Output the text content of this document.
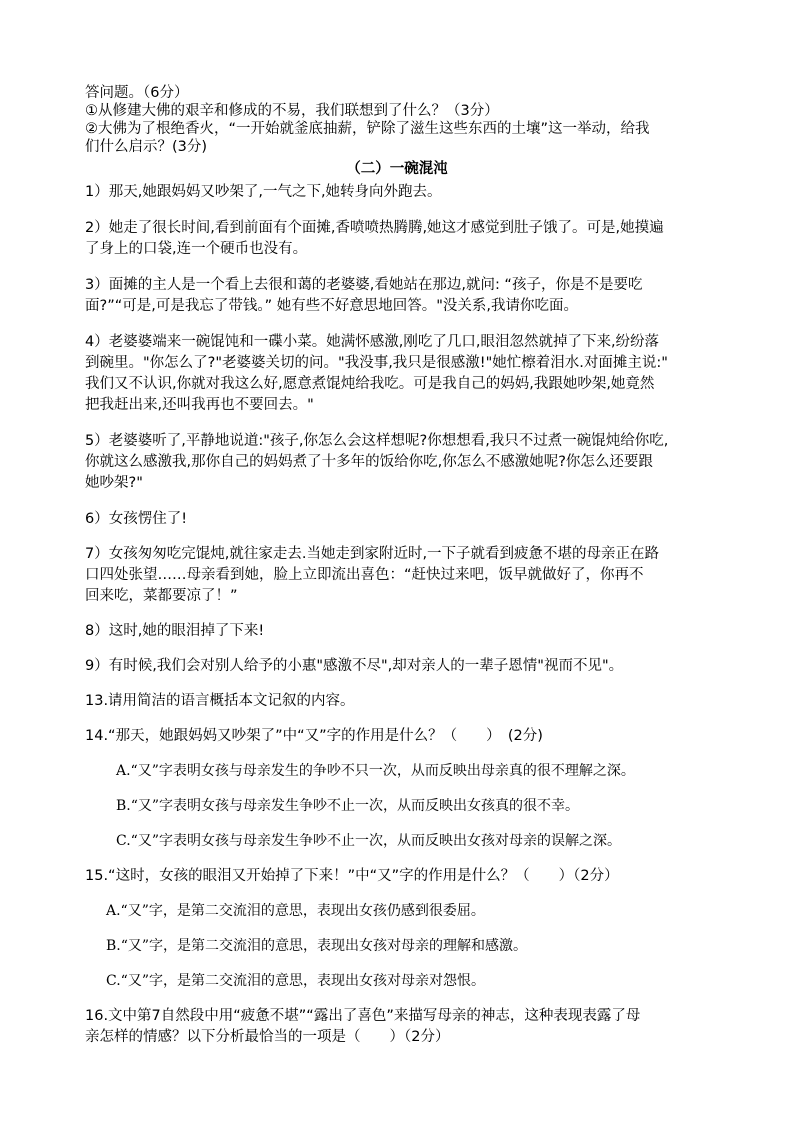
答问题。（6分）
①从修建大佛的艰辛和修成的不易，我们联想到了什么？（3分）
②大佛为了根绝香火，“一开始就釜底抽薪，铲除了滋生这些东西的土壤”这一举动，给我
们什么启示？(3分)
（二）一碗混沌
1）那天,她跟妈妈又吵架了,一气之下,她转身向外跑去。
2）她走了很长时间,看到前面有个面摊,香喷喷热腾腾,她这才感觉到肚子饿了。可是,她摸遍
了身上的口袋,连一个硬币也没有。
3）面摊的主人是一个看上去很和蔼的老婆婆,看她站在那边,就问: “孩子，你是不是要吃
面?”“可是,可是我忘了带钱。” 她有些不好意思地回答。"没关系,我请你吃面。
4）老婆婆端来一碗馄饨和一碟小菜。她满怀感激,刚吃了几口,眼泪忽然就掉了下来,纷纷落
到碗里。"你怎么了?"老婆婆关切的问。"我没事,我只是很感激!"她忙檫着泪水.对面摊主说:"
我们又不认识,你就对我这么好,愿意煮馄炖给我吃。可是我自己的妈妈,我跟她吵架,她竟然
把我赶出来,还叫我再也不要回去。"
5）老婆婆听了,平静地说道:"孩子,你怎么会这样想呢?你想想看,我只不过煮一碗馄炖给你吃,
你就这么感激我,那你自己的妈妈煮了十多年的饭给你吃,你怎么不感激她呢?你怎么还要跟
她吵架?"
6）女孩愣住了!
7）女孩匆匆吃完馄炖,就往家走去.当她走到家附近时,一下子就看到疲惫不堪的母亲正在路
口四处张望……母亲看到她，脸上立即流出喜色：“赶快过来吧，饭早就做好了，你再不
回来吃，菜都要凉了！”
8）这时,她的眼泪掉了下来!
9）有时候,我们会对别人给予的小惠"感激不尽",却对亲人的一辈子恩情"视而不见"。
13.请用简洁的语言概括本文记叙的内容。
14.“那天，她跟妈妈又吵架了”中“又”字的作用是什么？（　　）　(2分)
A.“又”字表明女孩与母亲发生的争吵不只一次，从而反映出母亲真的很不理解之深。
B.“又”字表明女孩与母亲发生争吵不止一次，从而反映出女孩真的很不幸。
C.“又”字表明女孩与母亲发生争吵不止一次，从而反映出女孩对母亲的误解之深。
15.“这时，女孩的眼泪又开始掉了下来！”中“又”字的作用是什么？（　　）（2分）
A.“又”字，是第二交流泪的意思，表现出女孩仍感到很委屈。
B.“又”字，是第二交流泪的意思，表现出女孩对母亲的理解和感激。
C.“又”字，是第二交流泪的意思，表现出女孩对母亲对怨恨。
16.文中第7自然段中用“疲惫不堪”“露出了喜色”来描写母亲的神志，这种表现表露了母
亲怎样的情感？以下分析最恰当的一项是（　　）（2分）
